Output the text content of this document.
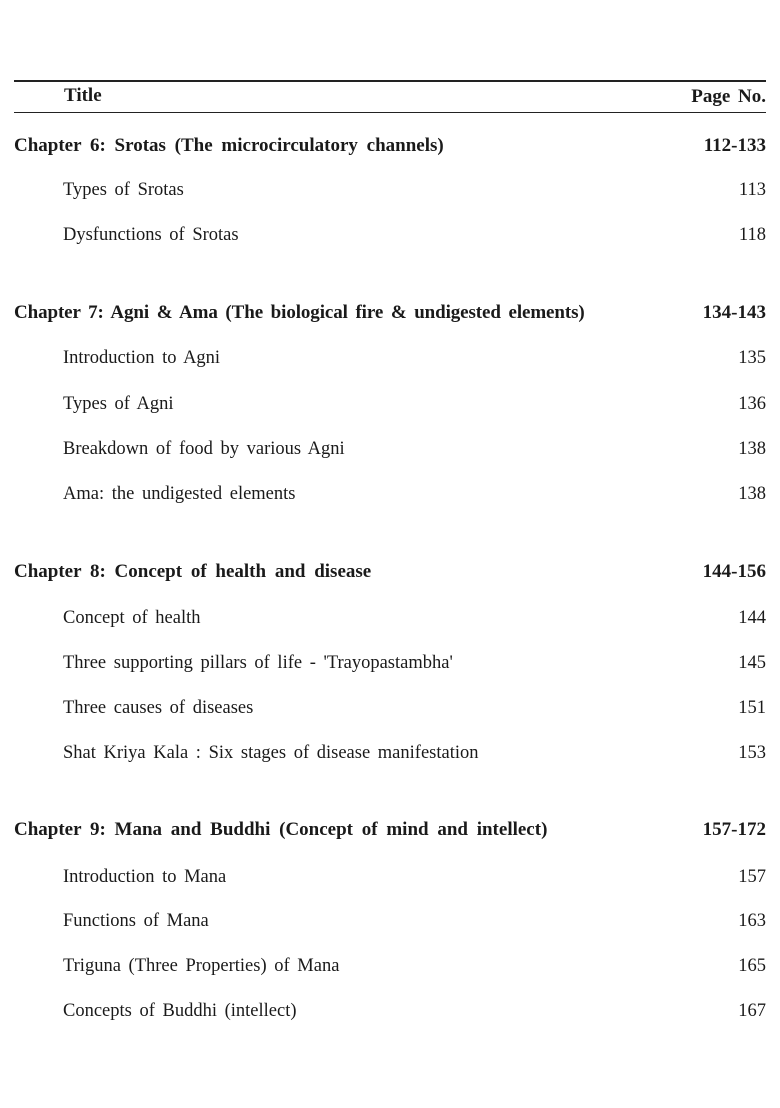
Title	Page No.
Chapter 6: Srotas (The microcirculatory channels)	112-133
Types of Srotas	113
Dysfunctions of Srotas	118
Chapter 7: Agni & Ama (The biological fire & undigested elements)	134-143
Introduction to Agni	135
Types of Agni	136
Breakdown of food by various Agni	138
Ama: the undigested elements	138
Chapter 8: Concept of health and disease	144-156
Concept of health	144
Three supporting pillars of life - 'Trayopastambha'	145
Three causes of diseases	151
Shat Kriya Kala : Six stages of disease manifestation	153
Chapter 9: Mana and Buddhi (Concept of mind and intellect)	157-172
Introduction to Mana	157
Functions of Mana	163
Triguna (Three Properties) of Mana	165
Concepts of Buddhi (intellect)	167
